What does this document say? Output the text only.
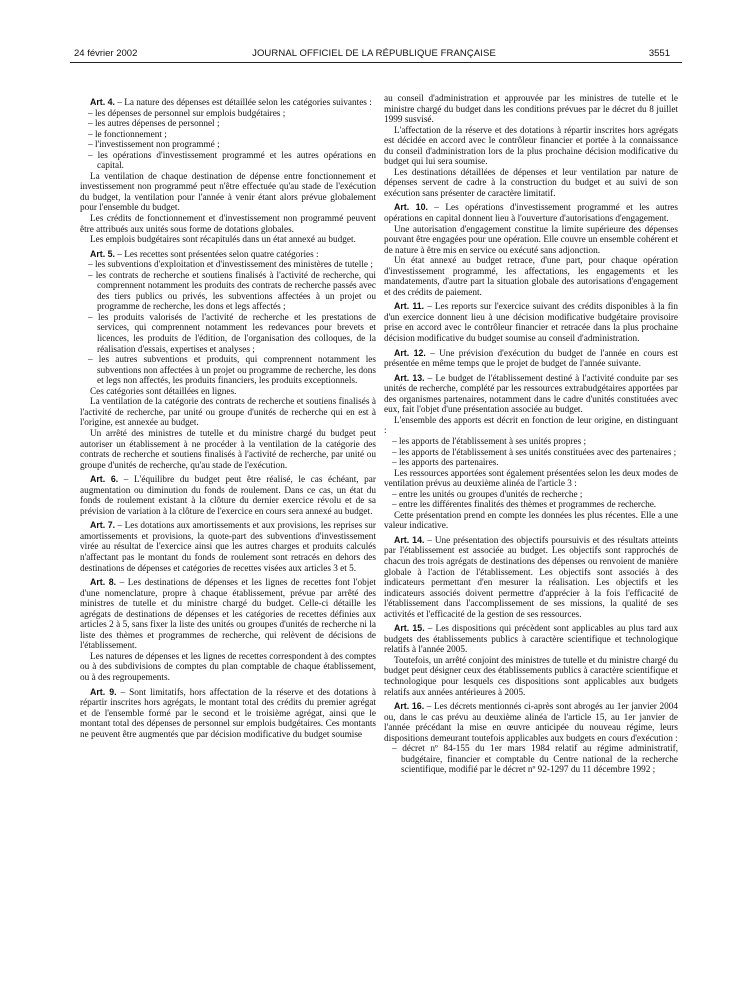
24 février 2002	JOURNAL OFFICIEL DE LA RÉPUBLIQUE FRANÇAISE	3551

Art. 4. – La nature des dépenses est détaillée selon les catégories suivantes :

– les dépenses de personnel sur emplois budgétaires ;
– les autres dépenses de personnel ;
– le fonctionnement ;
– l'investissement non programmé ;
– les opérations d'investissement programmé et les autres opérations en capital.

La ventilation de chaque destination de dépense entre fonctionnement et investissement non programmé peut n'être effectuée qu'au stade de l'exécution du budget, la ventilation pour l'année à venir étant alors prévue globalement pour l'ensemble du budget.

Les crédits de fonctionnement et d'investissement non programmé peuvent être attribués aux unités sous forme de dotations globales.

Les emplois budgétaires sont récapitulés dans un état annexé au budget.

Art. 5. – Les recettes sont présentées selon quatre catégories :

– les subventions d'exploitation et d'investissement des ministères de tutelle ;
– les contrats de recherche et soutiens finalisés à l'activité de recherche, qui comprennent notamment les produits des contrats de recherche passés avec des tiers publics ou privés, les subventions affectées à un projet ou programme de recherche, les dons et legs affectés ;
– les produits valorisés de l'activité de recherche et les prestations de services, qui comprennent notamment les redevances pour brevets et licences, les produits de l'édition, de l'organisation des colloques, de la réalisation d'essais, expertises et analyses ;
– les autres subventions et produits, qui comprennent notamment les subventions non affectées à un projet ou programme de recherche, les dons et legs non affectés, les produits financiers, les produits exceptionnels.

Ces catégories sont détaillées en lignes.

La ventilation de la catégorie des contrats de recherche et soutiens finalisés à l'activité de recherche, par unité ou groupe d'unités de recherche qui en est à l'origine, est annexée au budget.

Un arrêté des ministres de tutelle et du ministre chargé du budget peut autoriser un établissement à ne procéder à la ventilation de la catégorie des contrats de recherche et soutiens finalisés à l'activité de recherche, par unité ou groupe d'unités de recherche, qu'au stade de l'exécution.

Art. 6. – L'équilibre du budget peut être réalisé, le cas échéant, par augmentation ou diminution du fonds de roulement. Dans ce cas, un état du fonds de roulement existant à la clôture du dernier exercice révolu et de sa prévision de variation à la clôture de l'exercice en cours sera annexé au budget.

Art. 7. – Les dotations aux amortissements et aux provisions, les reprises sur amortissements et provisions, la quote-part des subventions d'investissement virée au résultat de l'exercice ainsi que les autres charges et produits calculés n'affectant pas le montant du fonds de roulement sont retracés en dehors des destinations de dépenses et catégories de recettes visées aux articles 3 et 5.

Art. 8. – Les destinations de dépenses et les lignes de recettes font l'objet d'une nomenclature, propre à chaque établissement, prévue par arrêté des ministres de tutelle et du ministre chargé du budget. Celle-ci détaille les agrégats de destinations de dépenses et les catégories de recettes définies aux articles 2 à 5, sans fixer la liste des unités ou groupes d'unités de recherche ni la liste des thèmes et programmes de recherche, qui relèvent de décisions de l'établissement.

Les natures de dépenses et les lignes de recettes correspondent à des comptes ou à des subdivisions de comptes du plan comptable de chaque établissement, ou à des regroupements.

Art. 9. – Sont limitatifs, hors affectation de la réserve et des dotations à répartir inscrites hors agrégats, le montant total des crédits du premier agrégat et de l'ensemble formé par le second et le troisième agrégat, ainsi que le montant total des dépenses de personnel sur emplois budgétaires. Ces montants ne peuvent être augmentés que par décision modificative du budget soumise

au conseil d'administration et approuvée par les ministres de tutelle et le ministre chargé du budget dans les conditions prévues par le décret du 8 juillet 1999 susvisé.

L'affectation de la réserve et des dotations à répartir inscrites hors agrégats est décidée en accord avec le contrôleur financier et portée à la connaissance du conseil d'administration lors de la plus prochaine décision modificative du budget qui lui sera soumise.

Les destinations détaillées de dépenses et leur ventilation par nature de dépenses servent de cadre à la construction du budget et au suivi de son exécution sans présenter de caractère limitatif.

Art. 10. – Les opérations d'investissement programmé et les autres opérations en capital donnent lieu à l'ouverture d'autorisations d'engagement.

Une autorisation d'engagement constitue la limite supérieure des dépenses pouvant être engagées pour une opération. Elle couvre un ensemble cohérent et de nature à être mis en service ou exécuté sans adjonction.

Un état annexé au budget retrace, d'une part, pour chaque opération d'investissement programmé, les affectations, les engagements et les mandatements, d'autre part la situation globale des autorisations d'engagement et des crédits de paiement.

Art. 11. – Les reports sur l'exercice suivant des crédits disponibles à la fin d'un exercice donnent lieu à une décision modificative budgétaire provisoire prise en accord avec le contrôleur financier et retracée dans la plus prochaine décision modificative du budget soumise au conseil d'administration.

Art. 12. – Une prévision d'exécution du budget de l'année en cours est présentée en même temps que le projet de budget de l'année suivante.

Art. 13. – Le budget de l'établissement destiné à l'activité conduite par ses unités de recherche, complété par les ressources extrabudgétaires apportées par des organismes partenaires, notamment dans le cadre d'unités constituées avec eux, fait l'objet d'une présentation associée au budget.

L'ensemble des apports est décrit en fonction de leur origine, en distinguant :

– les apports de l'établissement à ses unités propres ;
– les apports de l'établissement à ses unités constituées avec des partenaires ;
– les apports des partenaires.

Les ressources apportées sont également présentées selon les deux modes de ventilation prévus au deuxième alinéa de l'article 3 :

– entre les unités ou groupes d'unités de recherche ;
– entre les différentes finalités des thèmes et programmes de recherche.

Cette présentation prend en compte les données les plus récentes. Elle a une valeur indicative.

Art. 14. – Une présentation des objectifs poursuivis et des résultats atteints par l'établissement est associée au budget. Les objectifs sont rapprochés de chacun des trois agrégats de destinations des dépenses ou renvoient de manière globale à l'action de l'établissement. Les objectifs sont associés à des indicateurs permettant d'en mesurer la réalisation. Les objectifs et les indicateurs associés doivent permettre d'apprécier à la fois l'efficacité de l'établissement dans l'accomplissement de ses missions, la qualité de ses activités et l'efficacité de la gestion de ses ressources.

Art. 15. – Les dispositions qui précèdent sont applicables au plus tard aux budgets des établissements publics à caractère scientifique et technologique relatifs à l'année 2005.

Toutefois, un arrêté conjoint des ministres de tutelle et du ministre chargé du budget peut désigner ceux des établissements publics à caractère scientifique et technologique pour lesquels ces dispositions sont applicables aux budgets relatifs aux années antérieures à 2005.

Art. 16. – Les décrets mentionnés ci-après sont abrogés au 1er janvier 2004 ou, dans le cas prévu au deuxième alinéa de l'article 15, au 1er janvier de l'année précédant la mise en œuvre anticipée du nouveau régime, leurs dispositions demeurant toutefois applicables aux budgets en cours d'exécution :

– décret nº 84-155 du 1er mars 1984 relatif au régime administratif, budgétaire, financier et comptable du Centre national de la recherche scientifique, modifié par le décret nº 92-1297 du 11 décembre 1992 ;
